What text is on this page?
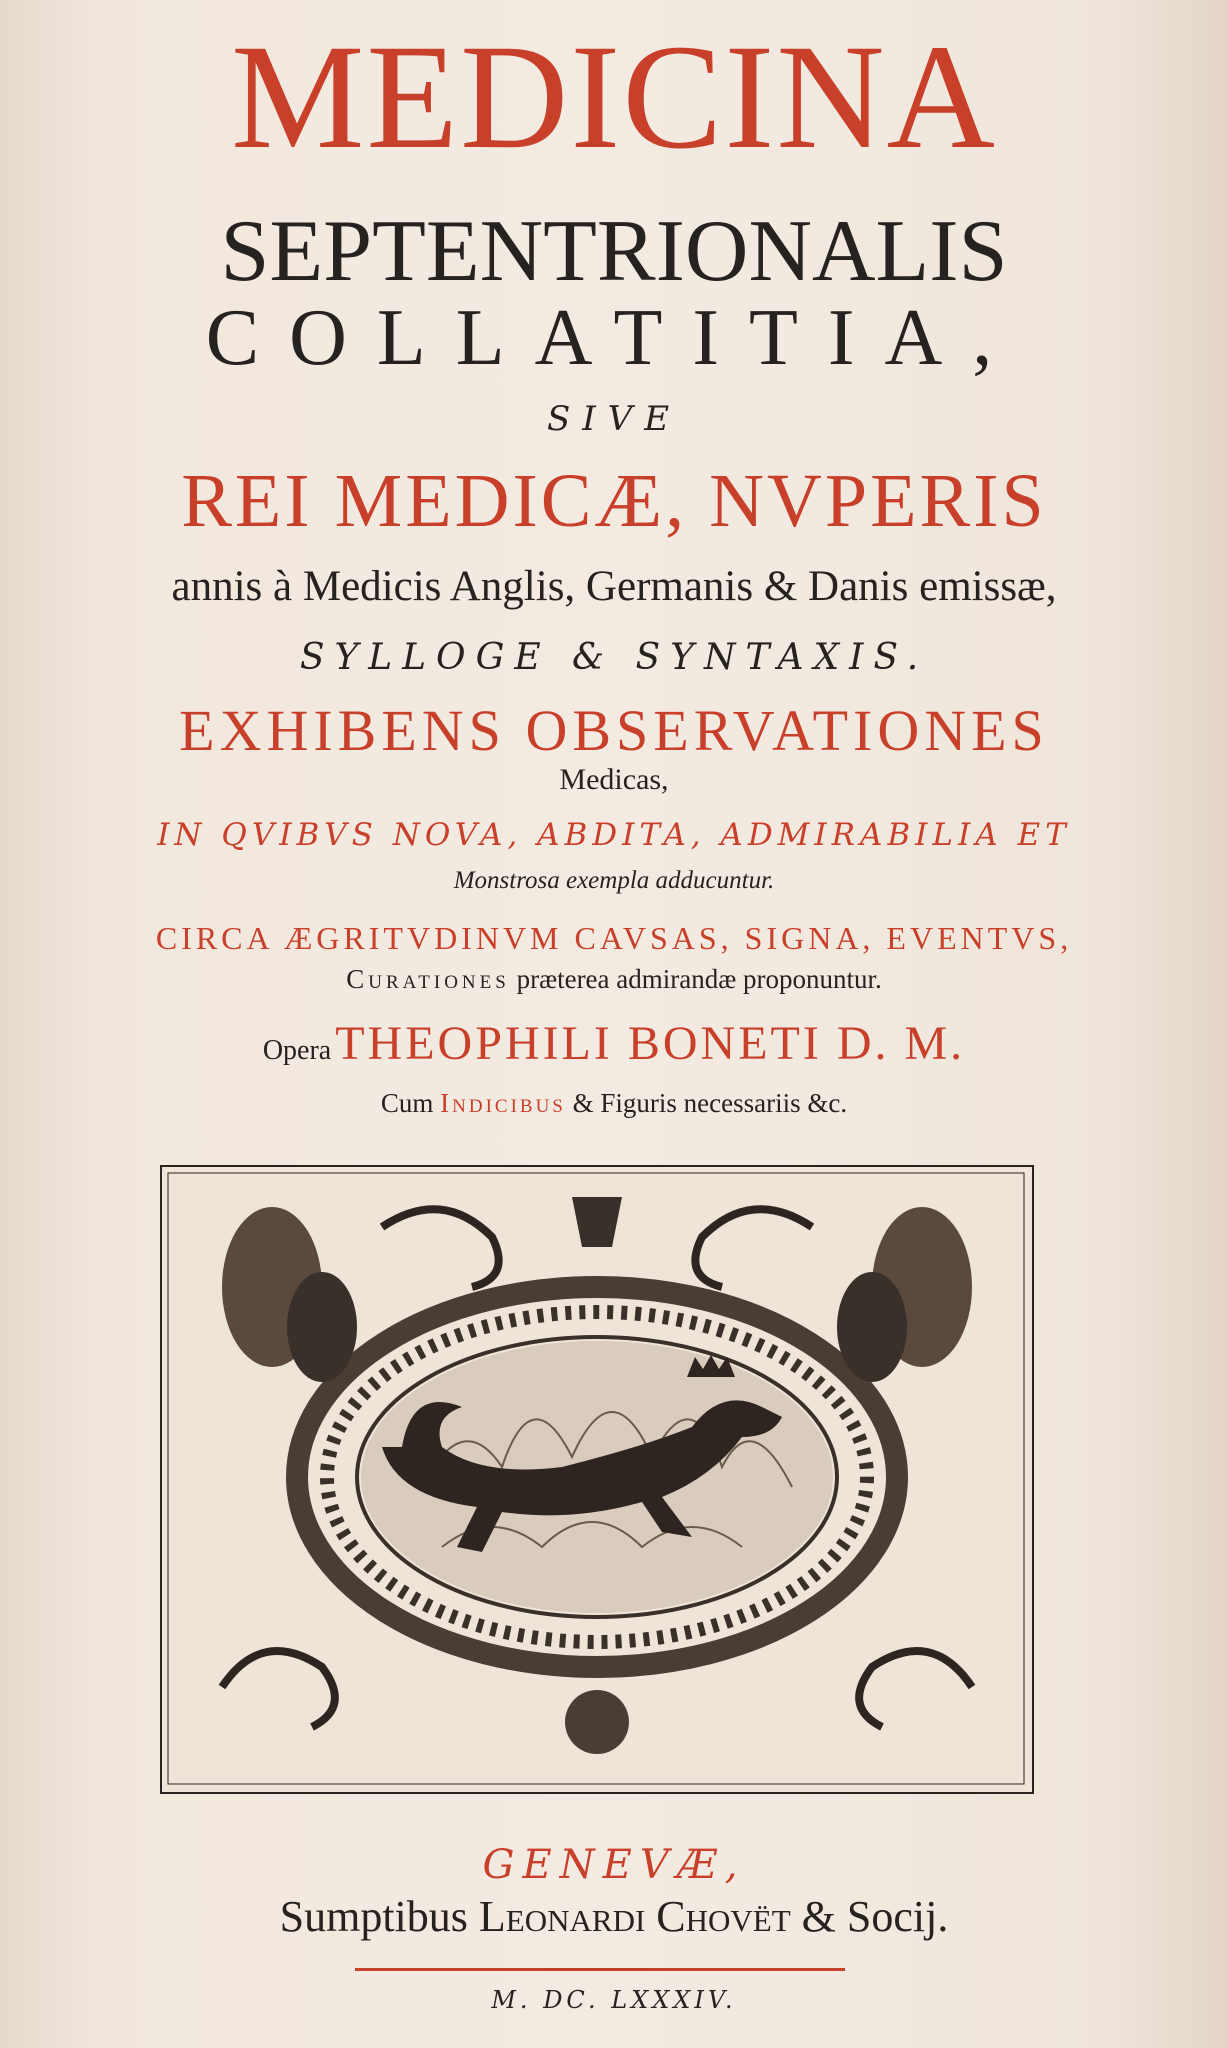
MEDICINA
SEPTENTRIONALIS
COLLATITIA,
SIVE
REI MEDICÆ, NVPERIS
annis à Medicis Anglis, Germanis & Danis emissæ,
SYLLOGE & SYNTAXIS.
EXHIBENS OBSERVATIONES
Medicas,
IN QVIBVS NOVA, ABDITA, ADMIRABILIA ET
Monstrosa exempla adducuntur.
CIRCA ÆGRITVDINVM CAVSAS, SIGNA, EVENTVS,
Curationes præterea admirandæ proponuntur.
Opera THEOPHILI BONETI D. M.
Cum Indicibus & Figuris necessariis &c.
GENEVÆ,
Sumptibus Leonardi Chovët & Socij.
M. DC. LXXXIV.
